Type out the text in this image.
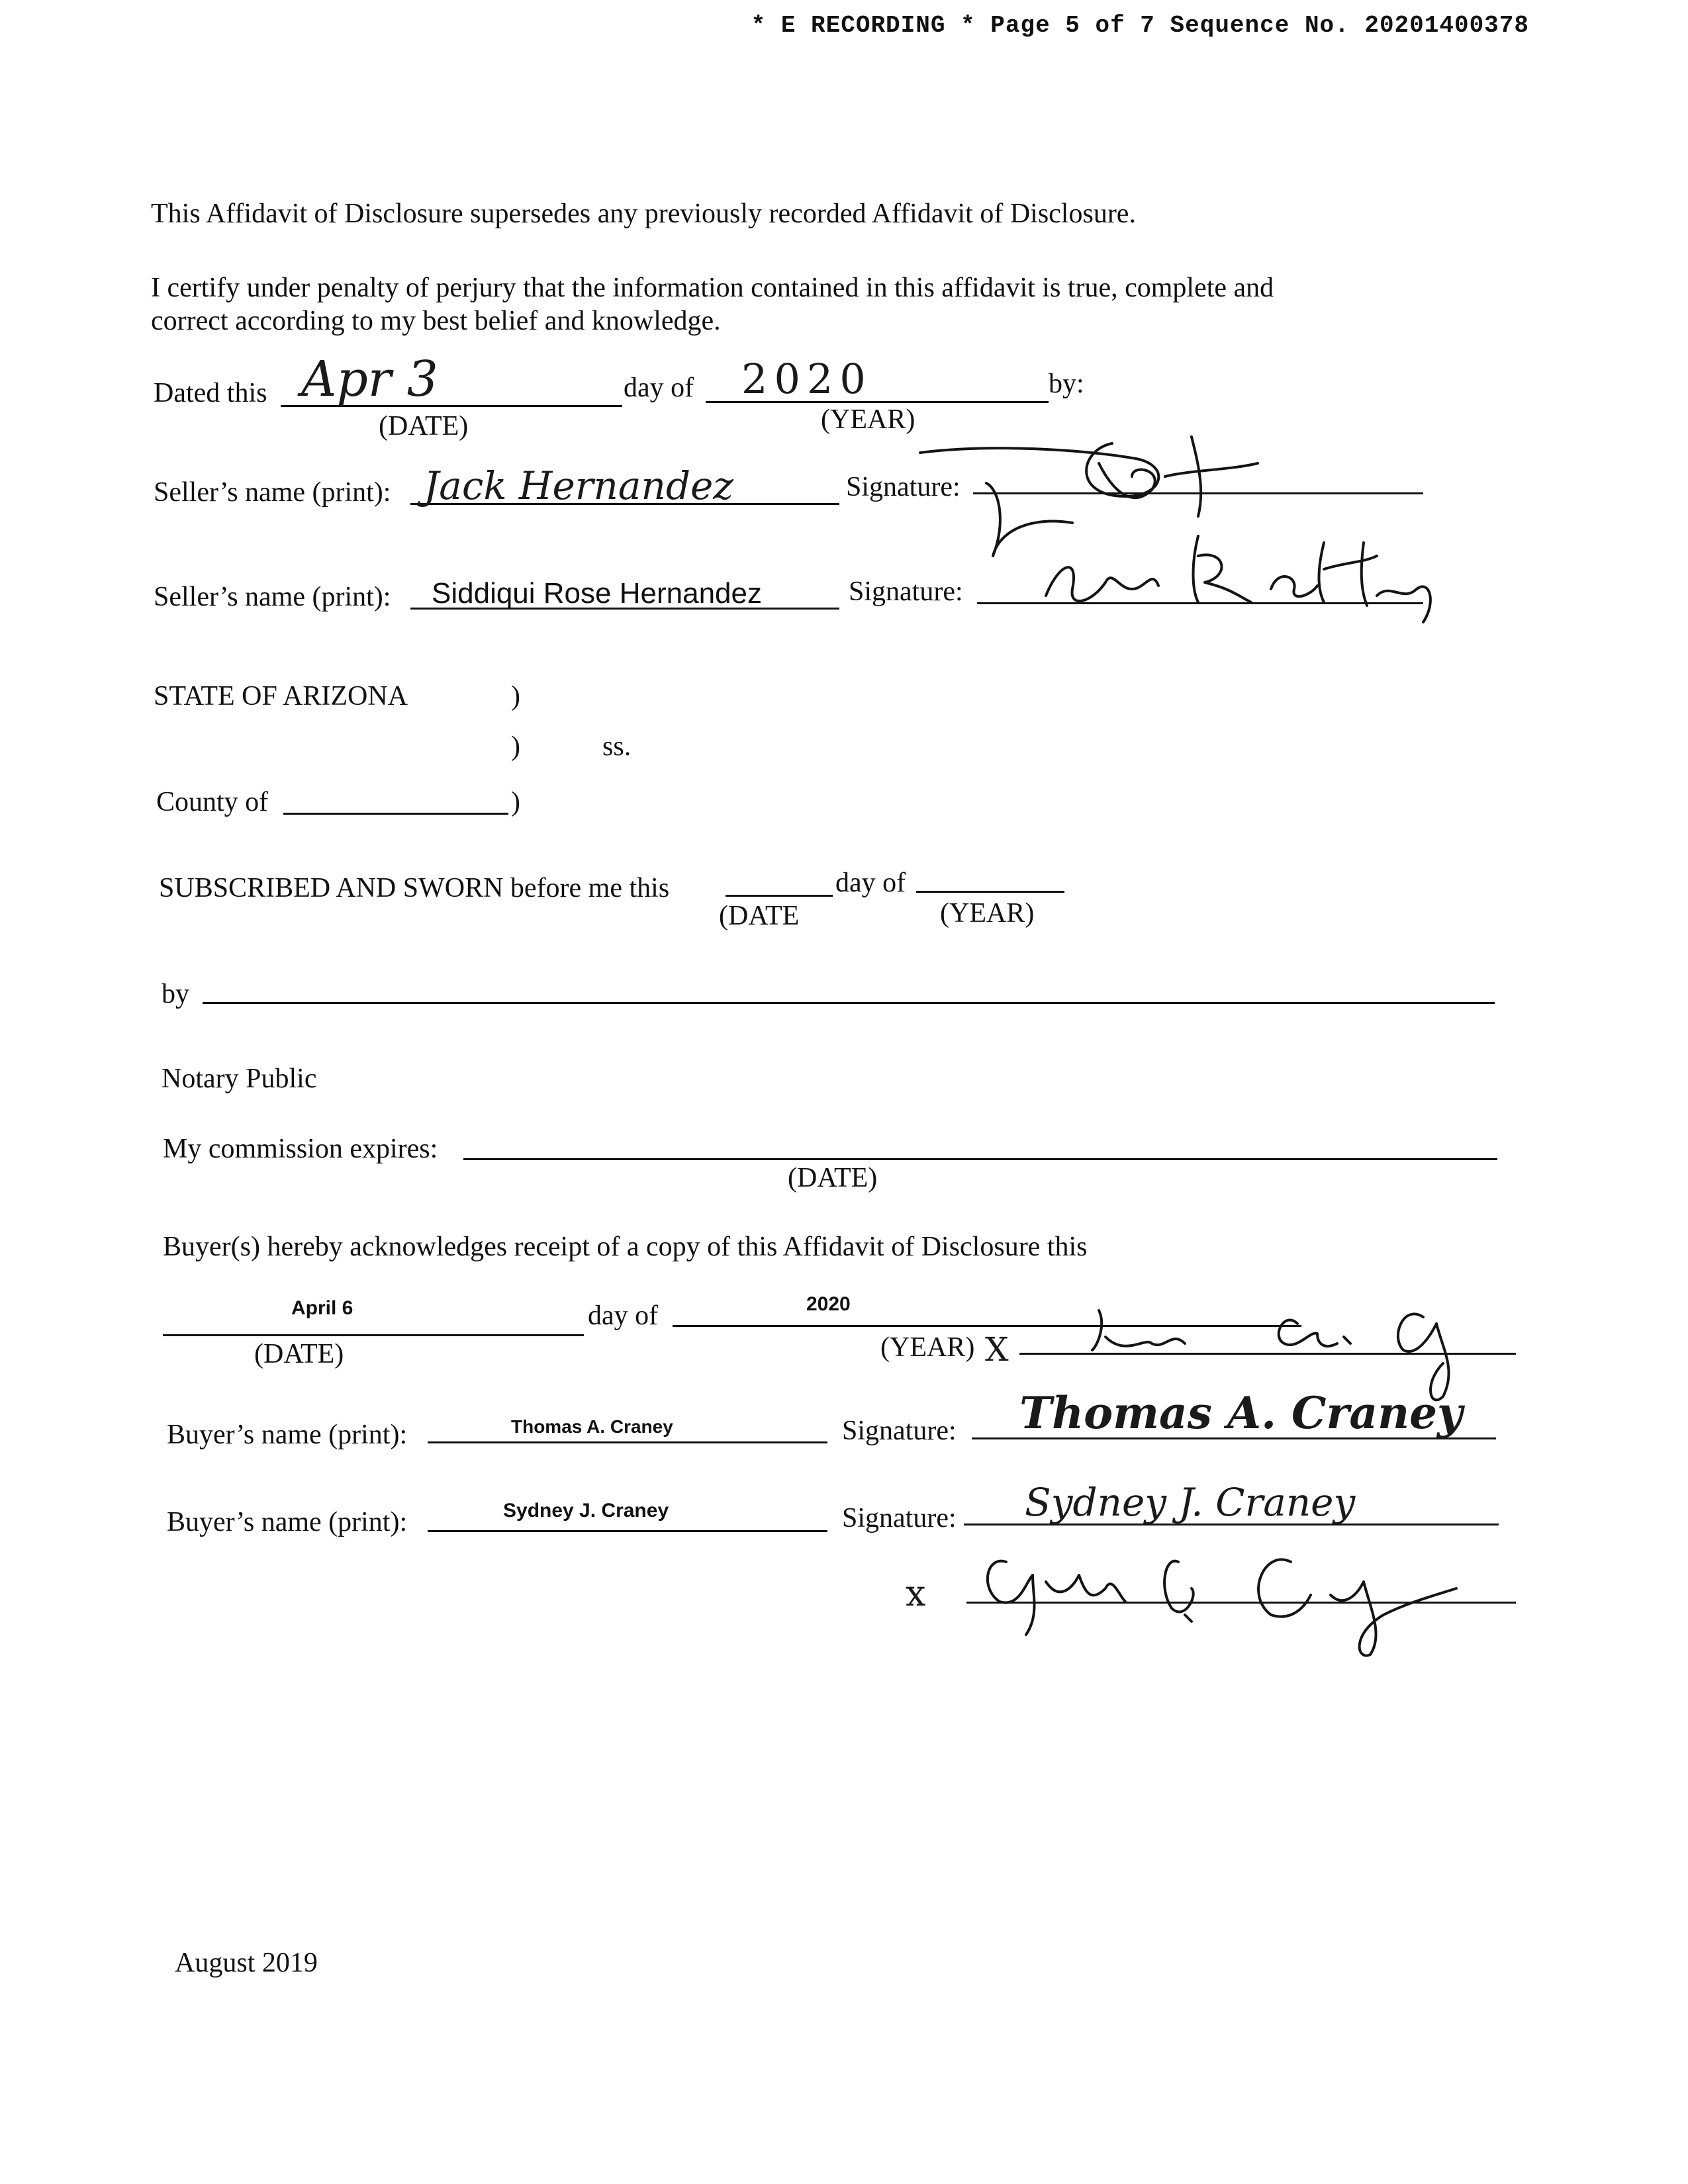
* E RECORDING * Page 5 of 7 Sequence No. 20201400378
This Affidavit of Disclosure supersedes any previously recorded Affidavit of Disclosure.
I certify under penalty of perjury that the information contained in this affidavit is true, complete and
correct according to my best belief and knowledge.
Dated this Apr 3
(DATE)
day of 2020
(YEAR)
by:
Seller’s name (print): Jack Hernandez	Signature:
Seller’s name (print): Siddiqui Rose Hernandez	Signature:
STATE OF ARIZONA	)
)	ss.
County of	)
SUBSCRIBED AND SWORN before me this	day of
(DATE	(YEAR)
by
Notary Public
My commission expires:
(DATE)
Buyer(s) hereby acknowledges receipt of a copy of this Affidavit of Disclosure this
April 6
(DATE)
day of	2020
(YEAR) X
Buyer’s name (print):	Thomas A. Craney	Signature: Thomas A. Craney
Buyer’s name (print):	Sydney J. Craney	Signature: Sydney J. Craney
x
August 2019
